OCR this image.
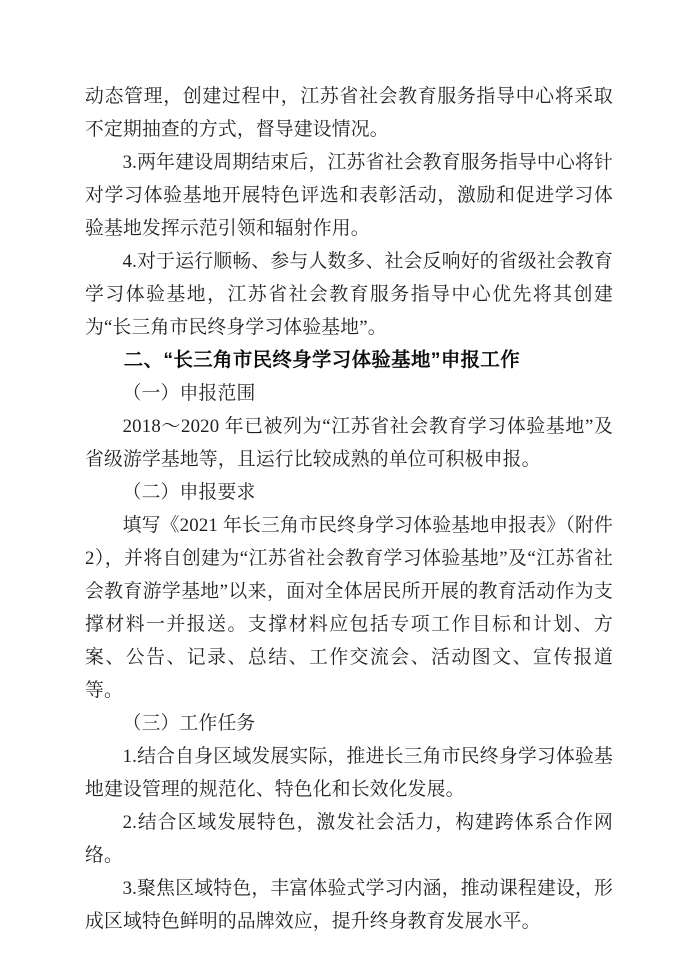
动态管理，创建过程中，江苏省社会教育服务指导中心将采取不定期抽查的方式，督导建设情况。

3.两年建设周期结束后，江苏省社会教育服务指导中心将针对学习体验基地开展特色评选和表彰活动，激励和促进学习体验基地发挥示范引领和辐射作用。

4.对于运行顺畅、参与人数多、社会反响好的省级社会教育学习体验基地，江苏省社会教育服务指导中心优先将其创建为“长三角市民终身学习体验基地”。

二、“长三角市民终身学习体验基地”申报工作

（一）申报范围

2018～2020 年已被列为“江苏省社会教育学习体验基地”及省级游学基地等，且运行比较成熟的单位可积极申报。

（二）申报要求

填写《2021 年长三角市民终身学习体验基地申报表》（附件2），并将自创建为“江苏省社会教育学习体验基地”及“江苏省社会教育游学基地”以来，面对全体居民所开展的教育活动作为支撑材料一并报送。支撑材料应包括专项工作目标和计划、方案、公告、记录、总结、工作交流会、活动图文、宣传报道等。

（三）工作任务

1.结合自身区域发展实际，推进长三角市民终身学习体验基地建设管理的规范化、特色化和长效化发展。

2.结合区域发展特色，激发社会活力，构建跨体系合作网络。

3.聚焦区域特色，丰富体验式学习内涵，推动课程建设，形成区域特色鲜明的品牌效应，提升终身教育发展水平。
